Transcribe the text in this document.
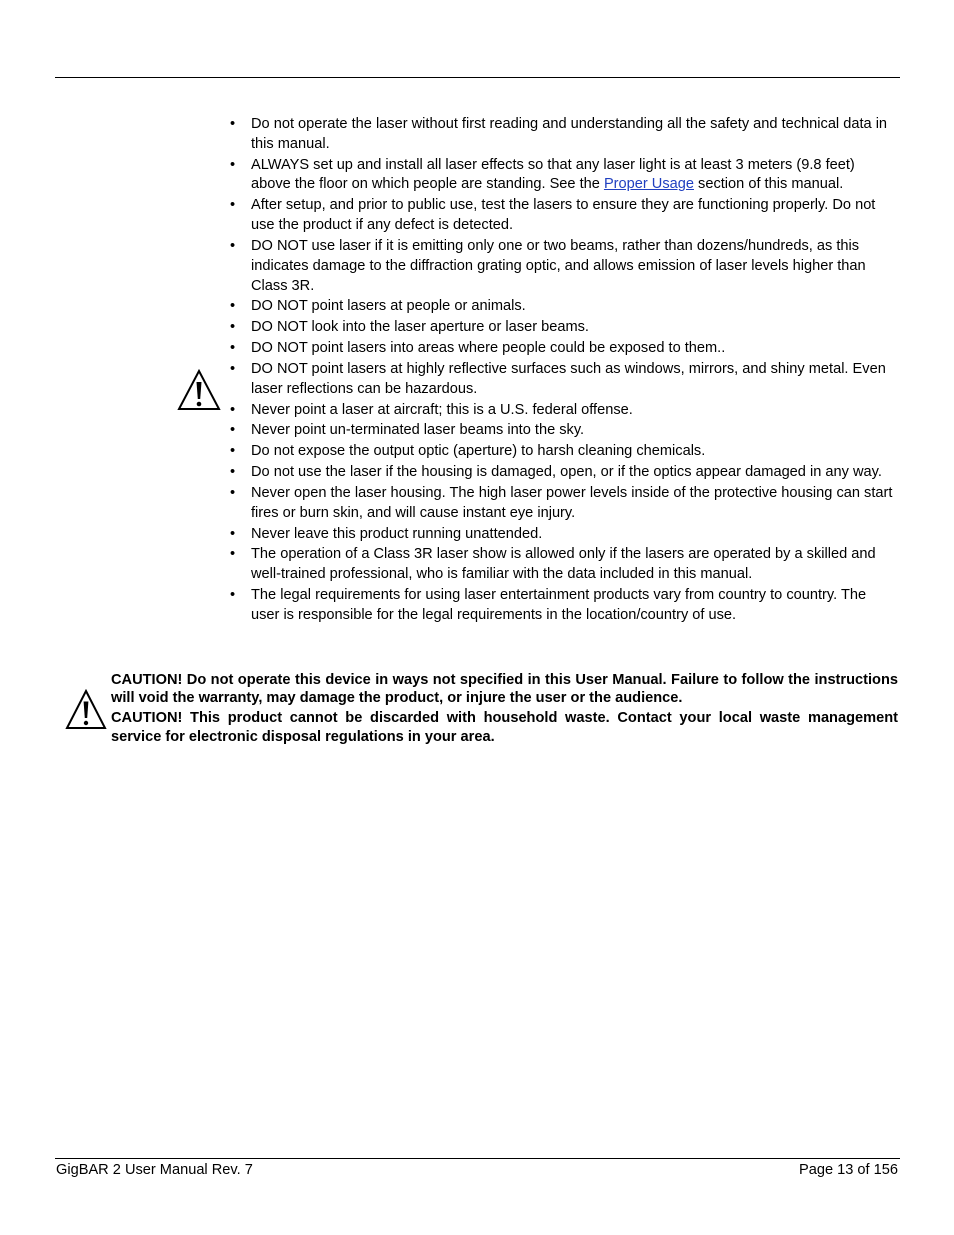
•	Do not operate the laser without first reading and understanding all the safety and technical data in this manual.
•	ALWAYS set up and install all laser effects so that any laser light is at least 3 meters (9.8 feet) above the floor on which people are standing. See the Proper Usage section of this manual.
•	After setup, and prior to public use, test the lasers to ensure they are functioning properly. Do not use the product if any defect is detected.
•	DO NOT use laser if it is emitting only one or two beams, rather than dozens/hundreds, as this indicates damage to the diffraction grating optic, and allows emission of laser levels higher than Class 3R.
•	DO NOT point lasers at people or animals.
•	DO NOT look into the laser aperture or laser beams.
•	DO NOT point lasers into areas where people could be exposed to them..
•	DO NOT point lasers at highly reflective surfaces such as windows, mirrors, and shiny metal. Even laser reflections can be hazardous.
•	Never point a laser at aircraft; this is a U.S. federal offense.
•	Never point un-terminated laser beams into the sky.
•	Do not expose the output optic (aperture) to harsh cleaning chemicals.
•	Do not use the laser if the housing is damaged, open, or if the optics appear damaged in any way.
•	Never open the laser housing. The high laser power levels inside of the protective housing can start fires or burn skin, and will cause instant eye injury.
•	Never leave this product running unattended.
•	The operation of a Class 3R laser show is allowed only if the lasers are operated by a skilled and well-trained professional, who is familiar with the data included in this manual.
•	The legal requirements for using laser entertainment products vary from country to country. The user is responsible for the legal requirements in the location/country of use.

CAUTION! Do not operate this device in ways not specified in this User Manual. Failure to follow the instructions will void the warranty, may damage the product, or injure the user or the audience.

CAUTION! This product cannot be discarded with household waste. Contact your local waste management service for electronic disposal regulations in your area.

GigBAR 2 User Manual Rev. 7	Page 13 of 156
